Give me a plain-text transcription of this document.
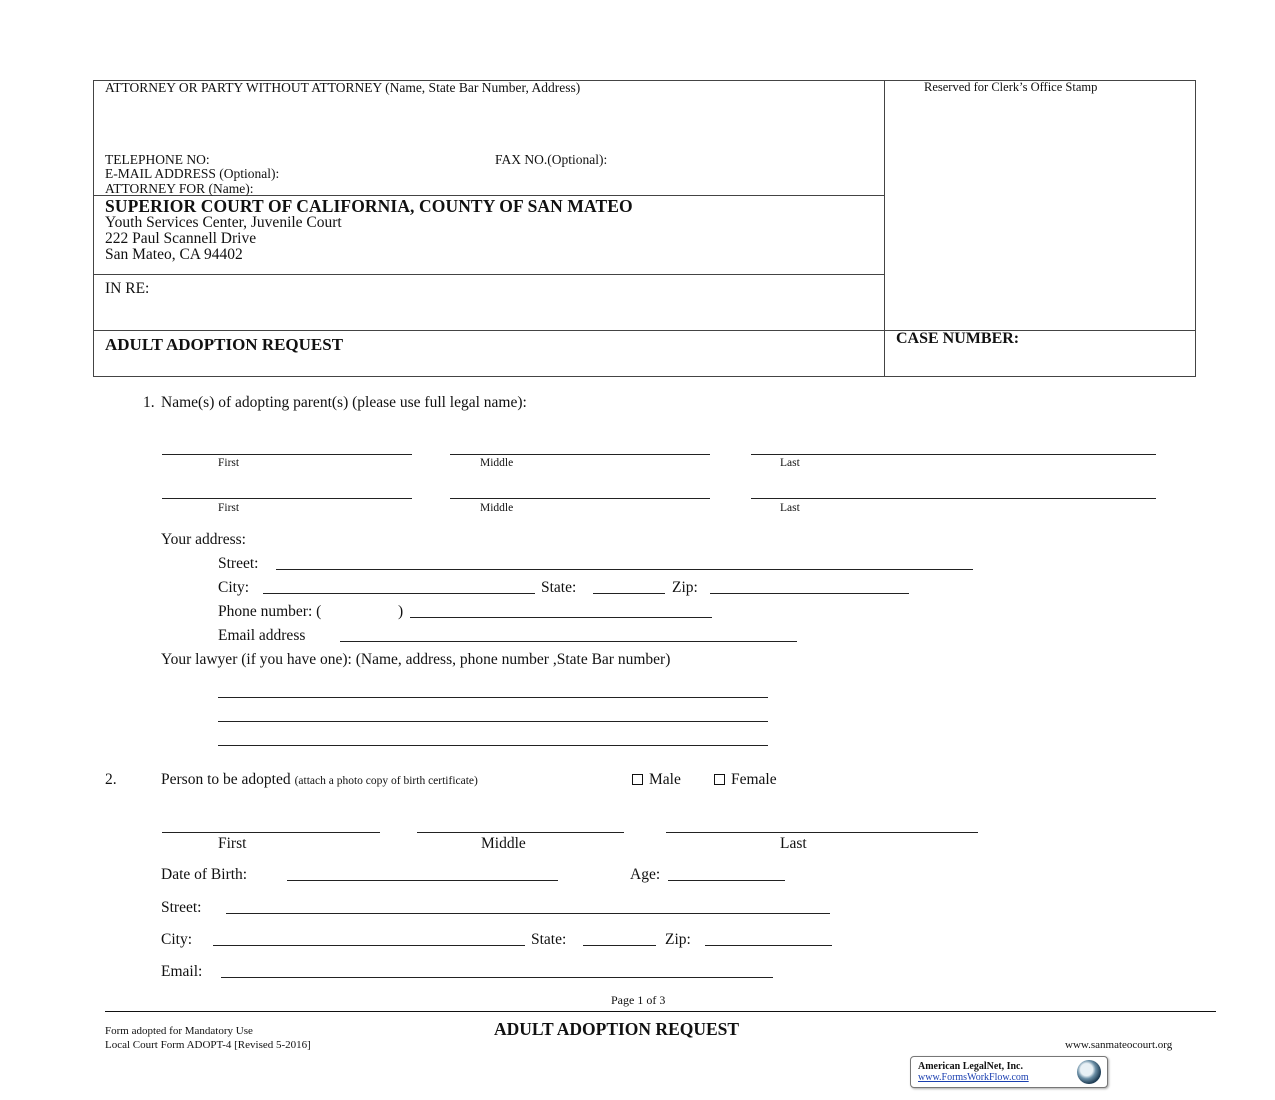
ATTORNEY OR PARTY WITHOUT ATTORNEY (Name, State Bar Number, Address)
TELEPHONE NO:	FAX NO.(Optional):
E-MAIL ADDRESS (Optional):
ATTORNEY FOR (Name):
Reserved for Clerk’s Office Stamp
SUPERIOR COURT OF CALIFORNIA, COUNTY OF SAN MATEO
Youth Services Center, Juvenile Court
222 Paul Scannell Drive
San Mateo, CA 94402
IN RE:
ADULT ADOPTION REQUEST	CASE NUMBER:
1. Name(s) of adopting parent(s) (please use full legal name):
First	Middle	Last
First	Middle	Last
Your address:
Street:
City:	State:	Zip:
Phone number: (	)
Email address
Your lawyer (if you have one): (Name, address, phone number ,State Bar number)
2.	Person to be adopted (attach a photo copy of birth certificate)	Male	Female
First	Middle	Last
Date of Birth:	Age:
Street:
City:	State:	Zip:
Email:
Page 1 of 3
Form adopted for Mandatory Use
Local Court Form ADOPT-4 [Revised 5-2016]
ADULT ADOPTION REQUEST
www.sanmateocourt.org
American LegalNet, Inc.
www.FormsWorkFlow.com
